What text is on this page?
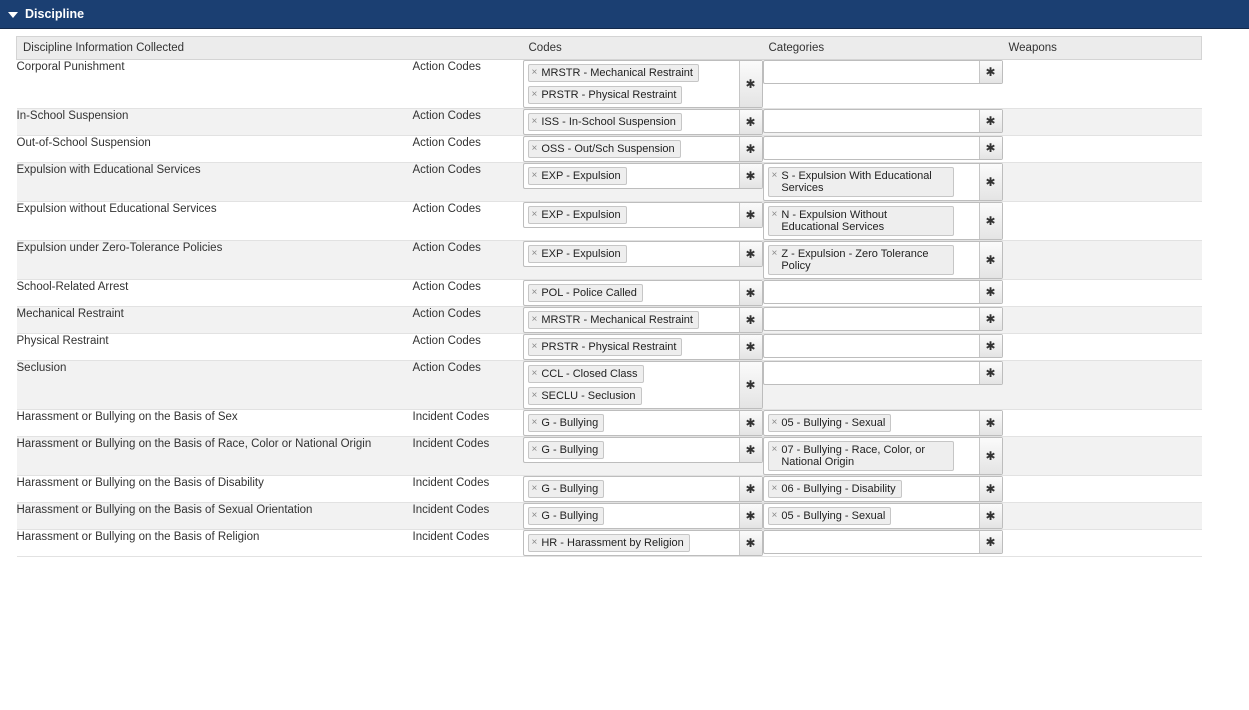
Discipline
Discipline Information Collected		Codes	Categories	Weapons
Corporal Punishment	Action Codes	× MRSTR - Mechanical Restraint
× PRSTR - Physical Restraint
✱	✱	

In-School Suspension	Action Codes	× ISS - In-School Suspension ✱	✱	

Out-of-School Suspension	Action Codes	× OSS - Out/Sch Suspension ✱	✱	

Expulsion with Educational Services	Action Codes	× EXP - Expulsion	✱	× S - Expulsion With Educational Services	✱

Expulsion without Educational Services	Action Codes	× EXP - Expulsion	✱	× N - Expulsion Without Educational Services	✱

Expulsion under Zero-Tolerance Policies	Action Codes	× EXP - Expulsion	✱	× Z - Expulsion - Zero Tolerance Policy	✱

School-Related Arrest	Action Codes	× POL - Police Called ✱	✱	

Mechanical Restraint	Action Codes	× MRSTR - Mechanical Restraint ✱	✱	

Physical Restraint	Action Codes	× PRSTR - Physical Restraint ✱	✱	

Seclusion	Action Codes	× CCL - Closed Class
× SECLU - Seclusion
✱	✱	

Harassment or Bullying on the Basis of Sex	Incident Codes	× G - Bullying	✱	× 05 - Bullying - Sexual	✱

Harassment or Bullying on the Basis of Race, Color or National Origin	Incident Codes	× G - Bullying	✱	× 07 - Bullying - Race, Color, or National Origin	✱

Harassment or Bullying on the Basis of Disability	Incident Codes	× G - Bullying	✱	× 06 - Bullying - Disability	✱

Harassment or Bullying on the Basis of Sexual Orientation	Incident Codes	× G - Bullying	✱	× 05 - Bullying - Sexual	✱

Harassment or Bullying on the Basis of Religion	Incident Codes	× HR - Harassment by Religion ✱	✱	
